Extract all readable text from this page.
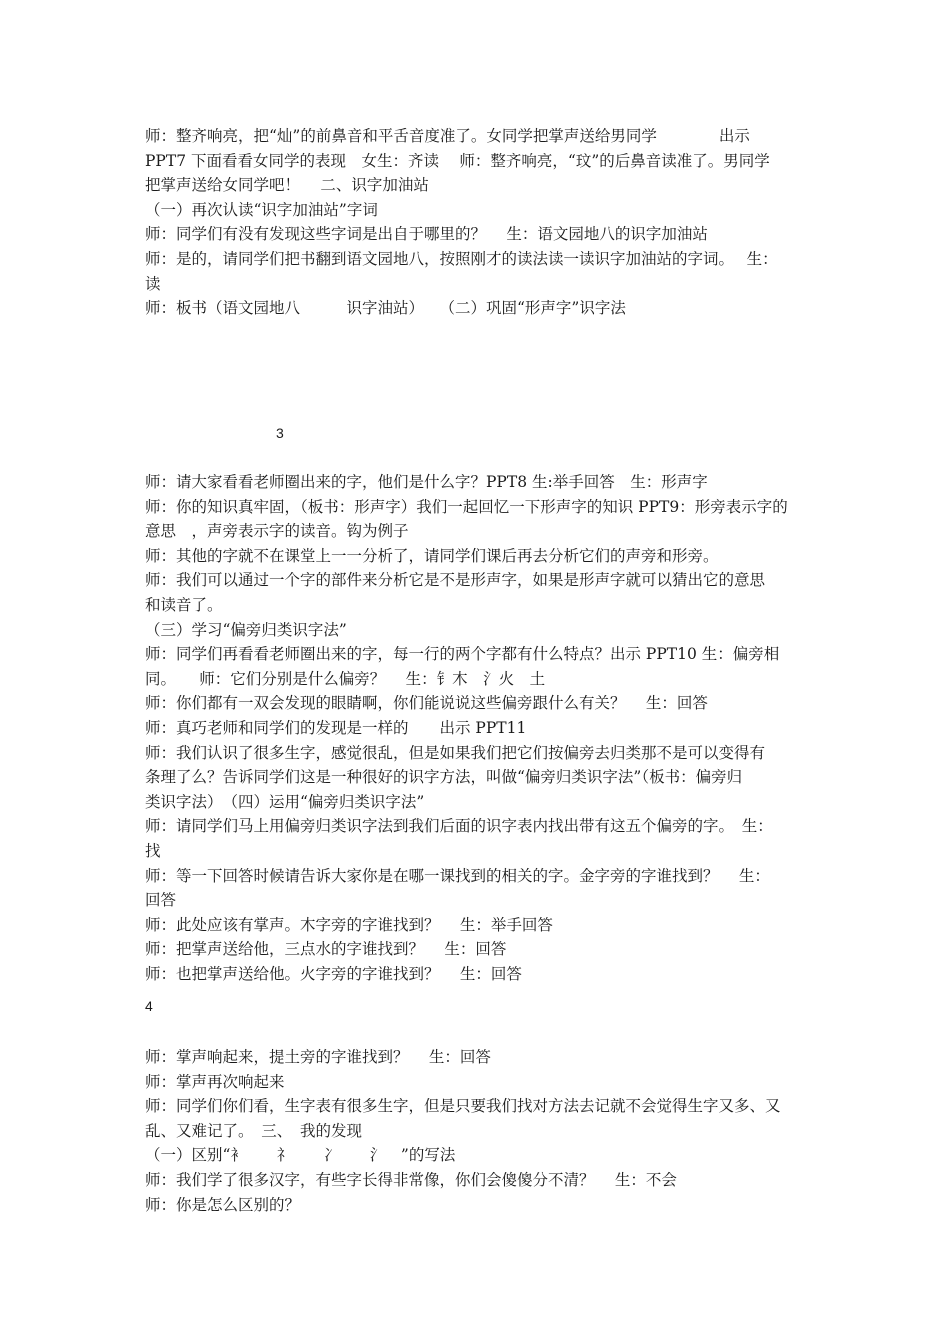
师：整齐响亮，把“灿”的前鼻音和平舌音度准了。女同学把掌声送给男同学　　　　出示
PPT7 下面看看女同学的表现　女生：齐读　 师：整齐响亮，“玟”的后鼻音读准了。男同学
把掌声送给女同学吧！　 二、识字加油站
（一）再次认读“识字加油站”字词
师：同学们有没有发现这些字词是出自于哪里的？　 生：语文园地八的识字加油站
师：是的，请同学们把书翻到语文园地八，按照刚才的读法读一读识字加油站的字词。　 生：
读
师：板书（语文园地八　　　识字油站）　　（二）巩固“形声字”识字法
3
师：请大家看看老师圈出来的字，他们是什么字？PPT8 生:举手回答　生：形声字
师：你的知识真牢固，（板书：形声字）我们一起回忆一下形声字的知识 PPT9：形旁表示字的
意思　，声旁表示字的读音。钩为例子
师：其他的字就不在课堂上一一分析了，请同学们课后再去分析它们的声旁和形旁。
师：我们可以通过一个字的部件来分析它是不是形声字，如果是形声字就可以猜出它的意思
和读音了。
（三）学习“偏旁归类识字法”
师：同学们再看看老师圈出来的字，每一行的两个字都有什么特点？出示 PPT10 生：偏旁相
同。　　师：它们分别是什么偏旁？　 生：钅木　氵火　土
师：你们都有一双会发现的眼睛啊，你们能说说这些偏旁跟什么有关？　 生：回答
师：真巧老师和同学们的发现是一样的　　出示 PPT11
师：我们认识了很多生字，感觉很乱，但是如果我们把它们按偏旁去归类那不是可以变得有
条理了么？告诉同学们这是一种很好的识字方法，叫做“偏旁归类识字法”（板书：偏旁归
类识字法）　（四）运用“偏旁归类识字法”
师：请同学们马上用偏旁归类识字法到我们后面的识字表内找出带有这五个偏旁的字。　生：
找
师：等一下回答时候请告诉大家你是在哪一课找到的相关的字。金字旁的字谁找到？　 生：
回答
师：此处应该有掌声。木字旁的字谁找到？　 生：举手回答
师：把掌声送给他，三点水的字谁找到？　 生：回答
师：也把掌声送给他。火字旁的字谁找到？　 生：回答
4
师：掌声响起来，提土旁的字谁找到？　 生：回答
师：掌声再次响起来
师：同学们你们看，生字表有很多生字，但是只要我们找对方法去记就不会觉得生字又多、又
乱、又难记了。　三、　我的发现
（一）区别“衤　　礻　　冫　　氵　”的写法
师：我们学了很多汉字，有些字长得非常像，你们会傻傻分不清？　 生：不会
师：你是怎么区别的？
